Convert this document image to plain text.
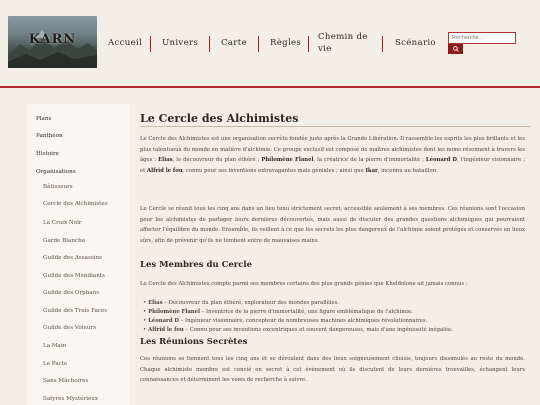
KARN	Accueil Univers	Carte	Règles
Chemin de vie
Scénario
Recherche...
Plans
Panthéon
Histoire
Organisations
Bâtisseurs
Cercle des Alchimistes
La Croix Noir
Garde Blanche
Guilde des Assassins
Guilde des Mendiants
Guilde des Orphans
Guilde des Trois Faces
Guilde des Voleurs
La Main
Le Pacte
Sans Mâchoires
Satyres Mystérieux
Le Cercle des Alchimistes
Le Cercle des Alchimistes est une organisation secrète fondée juste après la Grande Libération. Il rassemble les esprits les plus brillants et les plus talentueux du monde en matière d'alchimie. Ce groupe exclusif est composé de maîtres alchimistes dont les noms résonnent à travers les âges : Elias, le découvreur du plan éthéré ; Philomène Flanel, la créatrice de la pierre d'immortalité ; Léonard D, l'ingénieur visionnaire ; et Alfrid le fou, connu pour ses inventions extravagantes mais géniales ; ainsi que Ikar, inconnu au bataillon.
Le Cercle se réunit tous les cinq ans dans un lieu tenu strictement secret, accessible seulement à ses membres. Ces réunions sont l'occasion pour les alchimistes de partager leurs dernières découvertes, mais aussi de discuter des grandes questions alchimiques qui pourraient affecter l'équilibre du monde. Ensemble, ils veillent à ce que les secrets les plus dangereux de l'alchimie soient protégés et conservés en lieux sûrs, afin de prévenir qu'ils ne tombent entre de mauvaises mains.
Les Membres du Cercle
Le Cercle des Alchimistes compte parmi ses membres certains des plus grands génies que Kheldolone ait jamais connus :
• Elias – Découvreur du plan éthéré, explorateur des mondes parallèles.
• Philomène Flanel – Inventrice de la pierre d'immortalité, une figure emblématique de l'alchimie.
• Léonard D – Ingénieur visionnaire, concepteur de nombreuses machines alchimiques révolutionnaires.
• Alfrid le fou – Connu pour ses inventions excentriques et souvent dangereuses, mais d'une ingéniosité inégalée.
Les Réunions Secrètes
Ces réunions se tiennent tous les cinq ans et se déroulent dans des lieux soigneusement choisis, toujours dissimulés au reste du monde. Chaque alchimiste membre est convié en secret à cet événement où ils discutent de leurs dernières trouvailles, échangent leurs connaissances et déterminent les voies de recherche à suivre.
